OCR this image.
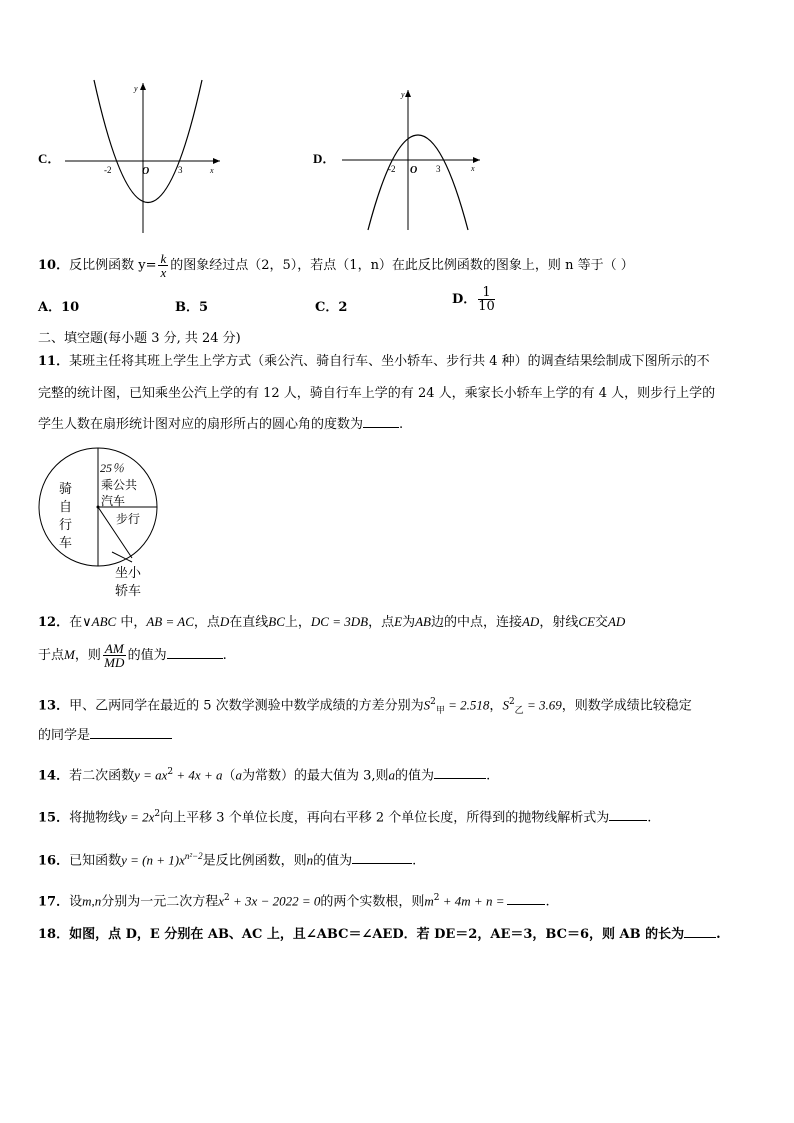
C．
y
x
O
-2	3
D．
y
x
O
-2	3
10．反比例函数 $y= \frac{k}{x}$ 的图象经过点（2，5），若点（1，n）在此反比例函数的图象上，则 n 等于（ ）
A．10	B．5	C．2
D． $\frac{1}{10}$
二、填空题(每小题 3 分, 共 24 分)
11．某班主任将其班上学生上学方式（乘公汽、骑自行车、坐小轿车、步行共 4 种）的调查结果绘制成下图所示的不
完整的统计图，已知乘坐公汽上学的有 12 人，骑自行车上学的有 24 人，乘家长小轿车上学的有 4 人，则步行上学的
学生人数在扇形统计图对应的扇形所占的圆心角的度数为	.
25％
乘公共
汽车
步行
骑
自
行
车
坐小
轿车
12．在∨ABC 中，AB = AC，点D在直线BC上，DC = 3DB，点E为AB边的中点，连接AD，射线CE交AD
于点M，则 $\frac{AM}{MD}$ 的值为	.
13．甲、乙两同学在最近的 5 次数学测验中数学成绩的方差分别为$S^2_甲 = 2.518$，$S^2_乙 = 3.69$，则数学成绩比较稳定
的同学是
14．若二次函数$y = ax^2 + 4x + a(a$为常数）的最大值为 3,则a的值为	.
15．将抛物线$y = 2x^2$向上平移 3 个单位长度，再向右平移 2 个单位长度，所得到的抛物线解析式为	.
16．已知函数$y = (n + 1)x^{n^2-2}$是反比例函数，则n的值为	.
17．设m,n分别为一元二次方程$x^2 + 3x - 2022 = 0$的两个实数根，则$m^2 + 4m + n$ =	.
18．如图，点 D，E 分别在 AB、AC 上，且∠ABC＝∠AED．若 DE＝2，AE＝3，BC＝6，则 AB 的长为 .
